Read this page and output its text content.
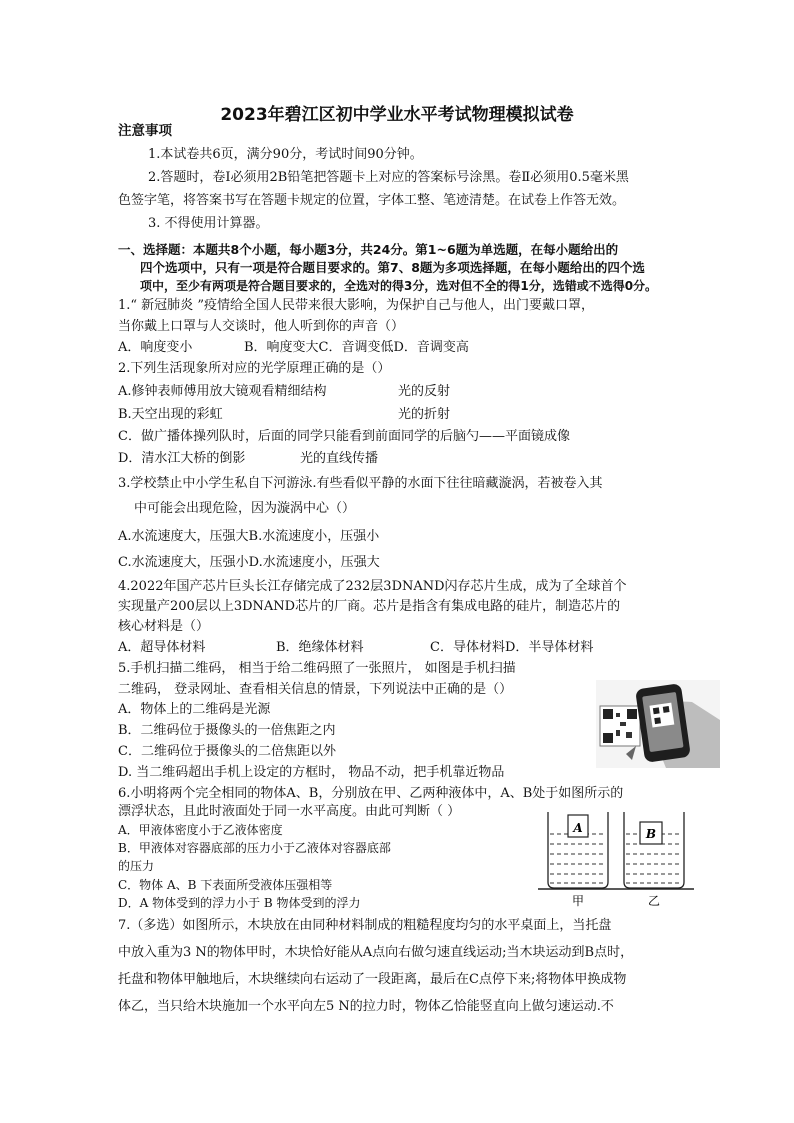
2023年碧江区初中学业水平考试物理模拟试卷
注意事项
1.本试卷共6页，满分90分，考试时间90分钟。
2.答题时，卷Ⅰ必须用2B铅笔把答题卡上对应的答案标号涂黑。卷Ⅱ必须用0.5毫米黑
色签字笔，将答案书写在答题卡规定的位置，字体工整、笔迹清楚。在试卷上作答无效。
3. 不得使用计算器。
一、选择题：本题共8个小题，每小题3分，共24分。第1~6题为单选题，在每小题给出的
四个选项中，只有一项是符合题目要求的。第7、8题为多项选择题，在每小题给出的四个选
项中，至少有两项是符合题目要求的，全选对的得3分，选对但不全的得1分，选错或不选得0分。
1.“ 新冠肺炎 ”疫情给全国人民带来很大影响，为保护自己与他人，出门要戴口罩，
当你戴上口罩与人交谈时，他人听到你的声音（）
A．响度变小	B．响度变大C．音调变低D．音调变高
2.下列生活现象所对应的光学原理正确的是（）
A.修钟表师傅用放大镜观看精细结构	光的反射
B.天空出现的彩虹	光的折射
C．做广播体操列队时，后面的同学只能看到前面同学的后脑勺——平面镜成像
D．清水江大桥的倒影	光的直线传播
3.学校禁止中小学生私自下河游泳.有些看似平静的水面下往往暗藏漩涡，若被卷入其
中可能会出现危险，因为漩涡中心（）
A.水流速度大，压强大B.水流速度小，压强小
C.水流速度大，压强小D.水流速度小，压强大
4.2022年国产芯片巨头长江存储完成了232层3DNAND闪存芯片生成，成为了全球首个
实现量产200层以上3DNAND芯片的厂商。芯片是指含有集成电路的硅片，制造芯片的
核心材料是（）
A．超导体材料	B．绝缘体材料	C．导体材料D．半导体材料
5.手机扫描二维码， 相当于给二维码照了一张照片， 如图是手机扫描
二维码， 登录网址、查看相关信息的情景，下列说法中正确的是（）
A．物体上的二维码是光源
B．二维码位于摄像头的一倍焦距之内
C．二维码位于摄像头的二倍焦距以外
D. 当二维码超出手机上设定的方框时， 物品不动，把手机靠近物品
6.小明将两个完全相同的物体A、B，分别放在甲、乙两种液体中，A、B处于如图所示的
漂浮状态，且此时液面处于同一水平高度。由此可判断（ ）
A．甲液体密度小于乙液体密度
B．甲液体对容器底部的压力小于乙液体对容器底部
的压力
C．物体 A、B 下表面所受液体压强相等
D．A 物体受到的浮力小于 B 物体受到的浮力
A	B
甲	乙
7.（多选）如图所示，木块放在由同种材料制成的粗糙程度均匀的水平桌面上，当托盘
中放入重为3 N的物体甲时，木块恰好能从A点向右做匀速直线运动;当木块运动到B点时，
托盘和物体甲触地后，木块继续向右运动了一段距离，最后在C点停下来;将物体甲换成物
体乙，当只给木块施加一个水平向左5 N的拉力时，物体乙恰能竖直向上做匀速运动.不
